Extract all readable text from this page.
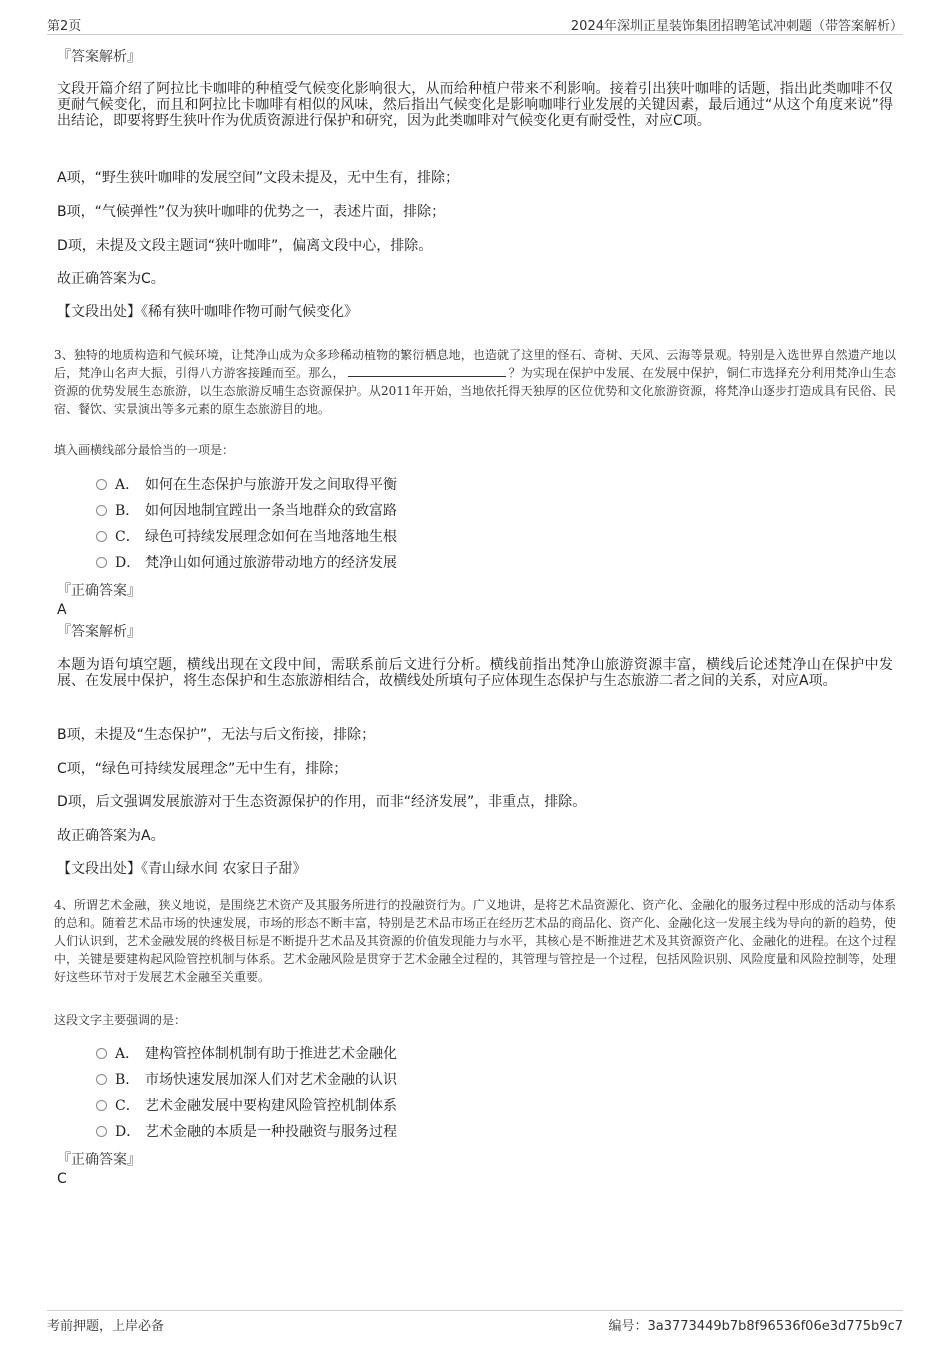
第2页	2024年深圳正星装饰集团招聘笔试冲刺题（带答案解析）
『答案解析』
文段开篇介绍了阿拉比卡咖啡的种植受气候变化影响很大，从而给种植户带来不利影响。接着引出狭叶咖啡的话题，指出此类咖啡不仅更耐气候变化，而且和阿拉比卡咖啡有相似的风味，然后指出气候变化是影响咖啡行业发展的关键因素，最后通过“从这个角度来说”得出结论，即要将野生狭叶作为优质资源进行保护和研究，因为此类咖啡对气候变化更有耐受性，对应C项。
A项，“野生狭叶咖啡的发展空间”文段未提及，无中生有，排除；
B项，“气候弹性”仅为狭叶咖啡的优势之一，表述片面，排除；
D项，未提及文段主题词“狭叶咖啡”，偏离文段中心，排除。
故正确答案为C。
【文段出处】《稀有狭叶咖啡作物可耐气候变化》
3、独特的地质构造和气候环境，让梵净山成为众多珍稀动植物的繁衍栖息地，也造就了这里的怪石、奇树、天风、云海等景观。特别是入选世界自然遗产地以后，梵净山名声大振，引得八方游客接踵而至。那么，	？为实现在保护中发展、在发展中保护，铜仁市选择充分利用梵净山生态资源的优势发展生态旅游，以生态旅游反哺生态资源保护。从2011年开始，当地依托得天独厚的区位优势和文化旅游资源，将梵净山逐步打造成具有民俗、民宿、餐饮、实景演出等多元素的原生态旅游目的地。
填入画横线部分最恰当的一项是：
A． 如何在生态保护与旅游开发之间取得平衡
B． 如何因地制宜蹚出一条当地群众的致富路
C． 绿色可持续发展理念如何在当地落地生根
D． 梵净山如何通过旅游带动地方的经济发展
『正确答案』
A
『答案解析』
本题为语句填空题，横线出现在文段中间，需联系前后文进行分析。横线前指出梵净山旅游资源丰富，横线后论述梵净山在保护中发展、在发展中保护，将生态保护和生态旅游相结合，故横线处所填句子应体现生态保护与生态旅游二者之间的关系，对应A项。
B项，未提及“生态保护”，无法与后文衔接，排除；
C项，“绿色可持续发展理念”无中生有，排除；
D项，后文强调发展旅游对于生态资源保护的作用，而非“经济发展”，非重点，排除。
故正确答案为A。
【文段出处】《青山绿水间 农家日子甜》
4、所谓艺术金融，狭义地说，是围绕艺术资产及其服务所进行的投融资行为。广义地讲，是将艺术品资源化、资产化、金融化的服务过程中形成的活动与体系的总和。随着艺术品市场的快速发展，市场的形态不断丰富，特别是艺术品市场正在经历艺术品的商品化、资产化、金融化这一发展主线为导向的新的趋势，使人们认识到，艺术金融发展的终极目标是不断提升艺术品及其资源的价值发现能力与水平，其核心是不断推进艺术及其资源资产化、金融化的进程。在这个过程中，关键是要建构起风险管控机制与体系。艺术金融风险是贯穿于艺术金融全过程的，其管理与管控是一个过程，包括风险识别、风险度量和风险控制等，处理好这些环节对于发展艺术金融至关重要。
这段文字主要强调的是：
A． 建构管控体制机制有助于推进艺术金融化
B． 市场快速发展加深人们对艺术金融的认识
C． 艺术金融发展中要构建风险管控机制体系
D． 艺术金融的本质是一种投融资与服务过程
『正确答案』
C
考前押题，上岸必备	编号：3a3773449b7b8f96536f06e3d775b9c7
